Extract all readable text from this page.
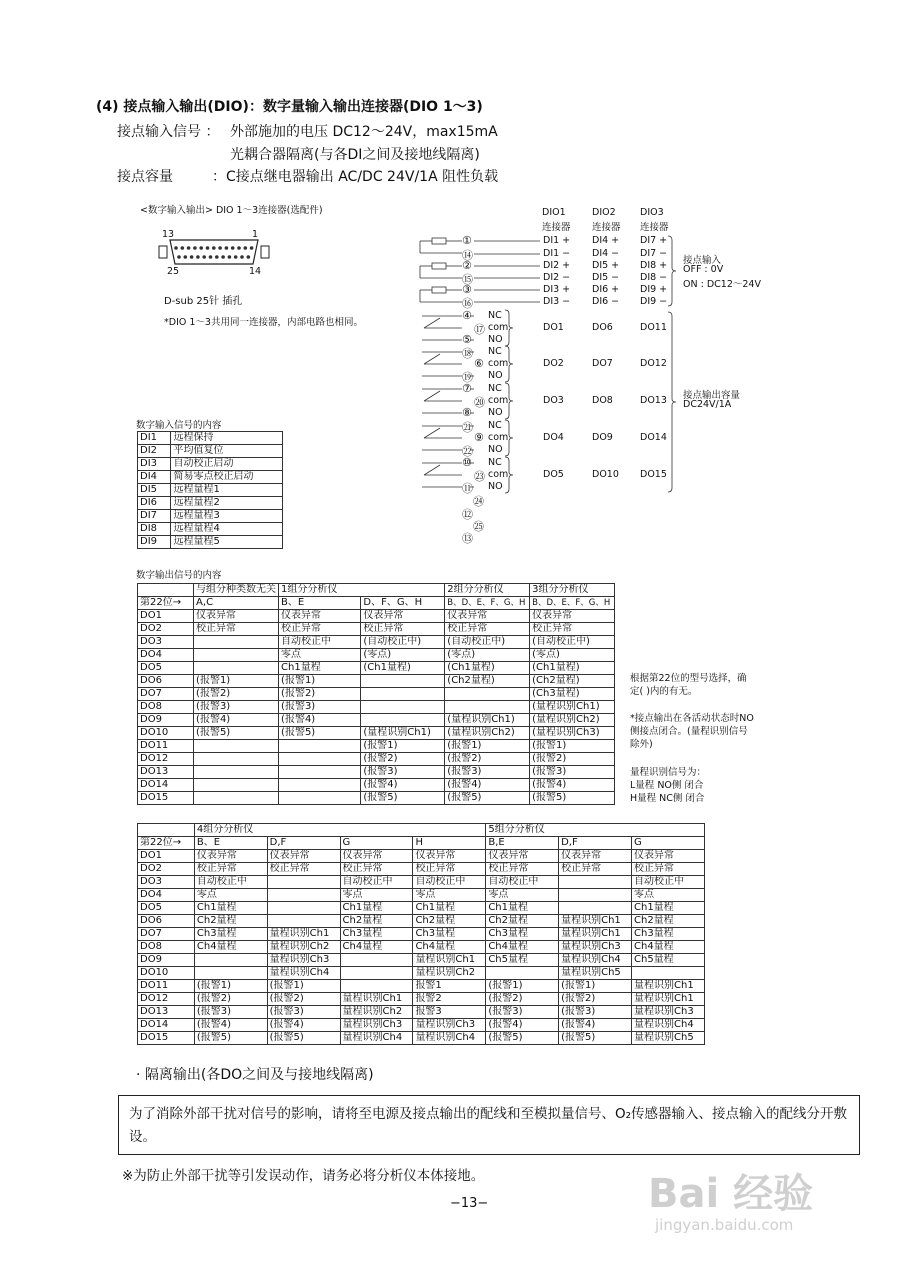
(4) 接点输入输出(DIO)：数字量输入输出连接器(DIO 1～3)
接点输入信号 ： 外部施加的电压 DC12～24V，max15mA
光耦合器隔离(与各DI之间及接地线隔离)
接点容量	：C接点继电器输出 AC/DC 24V/1A 阻性负载
<数字输入输出> DIO 1～3连接器(选配件)
13	1
25	14
D-sub 25针 插孔
*DIO 1～3共用同一连接器，内部电路也相同。
DIO1
连接器
DIO2
连接器
DIO3
连接器
①	DI1 + DI4 + DI7 +
⑭	DI1 − DI4 − DI7 −
②	DI2 + DI5 + DI8 +
⑮	DI2 − DI5 − DI8 −
③	DI3 + DI6 + DI9 +
⑯	DI3 − DI6 − DI9 −
接点输入
OFF : 0V
ON : DC12～24V
④ NC
⑰ com
⑤ NO
DO1	DO6	DO11
⑱ NC
⑥ com
⑲ NO
DO2	DO7	DO12
⑦ NC
⑳ com
⑧ NO
DO3	DO8	DO13
㉑ NC
⑨ com
㉒ NO
DO4	DO9	DO14
⑩ NC
㉓ com
⑪ NO
DO5	DO10 DO15
接点输出容量
DC24V/1A
㉔
⑫
㉕
⑬
数字输入信号的内容
DI1	远程保持
DI2	平均值复位
DI3	自动校正启动
DI4	简易零点校正启动
DI5	远程量程1
DI6	远程量程2
DI7	远程量程3
DI8	远程量程4
DI9	远程量程5
数字输出信号的内容
	与组分种类数无关	1组分分析仪		2组分分析仪	3组分分析仪
第22位→	A,C	B、E	D、F、G、H	B、D、E、F、G、H	B、D、E、F、G、H
DO1	仪表异常	仪表异常	仪表异常	仪表异常	仪表异常
DO2	校正异常	校正异常	校正异常	校正异常	校正异常
DO3		自动校正中	(自动校正中)	(自动校正中)	(自动校正中)
DO4		零点	(零点)	(零点)	(零点)
DO5		Ch1量程	(Ch1量程)	(Ch1量程)	(Ch1量程)
DO6	(报警1)	(报警1)		(Ch2量程)	(Ch2量程)
DO7	(报警2)	(报警2)			(Ch3量程)
DO8	(报警3)	(报警3)			(量程识别Ch1)
DO9	(报警4)	(报警4)		(量程识别Ch1)	(量程识别Ch2)
DO10	(报警5)	(报警5)	(量程识别Ch1)	(量程识别Ch2)	(量程识别Ch3)
DO11			(报警1)	(报警1)	(报警1)
DO12			(报警2)	(报警2)	(报警2)
DO13			(报警3)	(报警3)	(报警3)
DO14			(报警4)	(报警4)	(报警4)
DO15			(报警5)	(报警5)	(报警5)
根据第22位的型号选择，确
定( )内的有无。
*接点输出在各活动状态时NO
侧接点闭合。(量程识别信号
除外)
量程识别信号为：
L量程 NO侧 闭合
H量程 NC侧 闭合
	4组分分析仪				5组分分析仪		
第22位→	B、E	D,F	G	H	B,E	D,F	G
DO1	仪表异常	仪表异常	仪表异常	仪表异常	仪表异常	仪表异常	仪表异常
DO2	校正异常	校正异常	校正异常	校正异常	校正异常	校正异常	校正异常
DO3	自动校正中		自动校正中	自动校正中	自动校正中		自动校正中
DO4	零点		零点	零点	零点		零点
DO5	Ch1量程		Ch1量程	Ch1量程	Ch1量程		Ch1量程
DO6	Ch2量程		Ch2量程	Ch2量程	Ch2量程	量程识别Ch1	Ch2量程
DO7	Ch3量程	量程识别Ch1	Ch3量程	Ch3量程	Ch3量程	量程识别Ch1	Ch3量程
DO8	Ch4量程	量程识别Ch2	Ch4量程	Ch4量程	Ch4量程	量程识别Ch3	Ch4量程
DO9		量程识别Ch3		量程识别Ch1	Ch5量程	量程识别Ch4	Ch5量程
DO10		量程识别Ch4		量程识别Ch2		量程识别Ch5	
DO11	(报警1)	(报警1)		报警1	(报警1)	(报警1)	量程识别Ch1
DO12	(报警2)	(报警2)	量程识别Ch1	报警2	(报警2)	(报警2)	量程识别Ch1
DO13	(报警3)	(报警3)	量程识别Ch2	报警3	(报警3)	(报警3)	量程识别Ch3
DO14	(报警4)	(报警4)	量程识别Ch3	量程识别Ch3	(报警4)	(报警4)	量程识别Ch4
DO15	(报警5)	(报警5)	量程识别Ch4	量程识别Ch4	(报警5)	(报警5)	量程识别Ch5
· 隔离输出(各DO之间及与接地线隔离)
为了消除外部干扰对信号的影响，请将至电源及接点输出的配线和至模拟量信号、O₂传感器输入、接点输入的配线分开敷设。
※为防止外部干扰等引发误动作，请务必将分析仪本体接地。
−13−	Bai 经验
jingyan.baidu.com
